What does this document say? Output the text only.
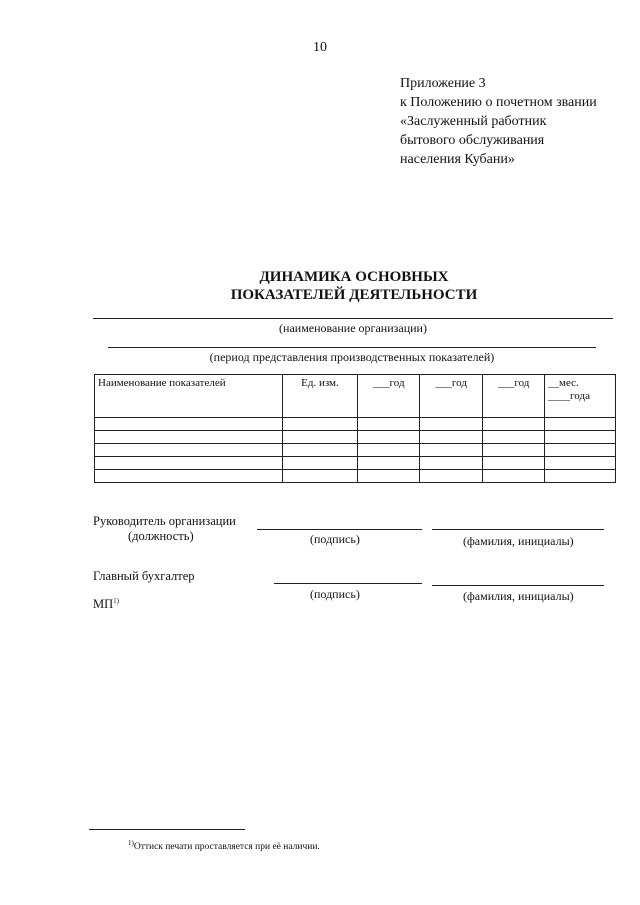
10
Приложение 3
к Положению о почетном звании
«Заслуженный работник
бытового обслуживания
населения Кубани»
ДИНАМИКА ОСНОВНЫХ
ПОКАЗАТЕЛЕЙ ДЕЯТЕЛЬНОСТИ
(наименование организации)
(период представления производственных показателей)
Наименование показателей	Ед. изм.	___год	___год	___год	__мес.
____года

Руководитель организации
(должность)	(подпись)	(фамилия, инициалы)
Главный бухгалтер
(подпись)	(фамилия, инициалы)
МП$^{1)}$
$^{1)}$Оттиск печати проставляется при её наличии.
